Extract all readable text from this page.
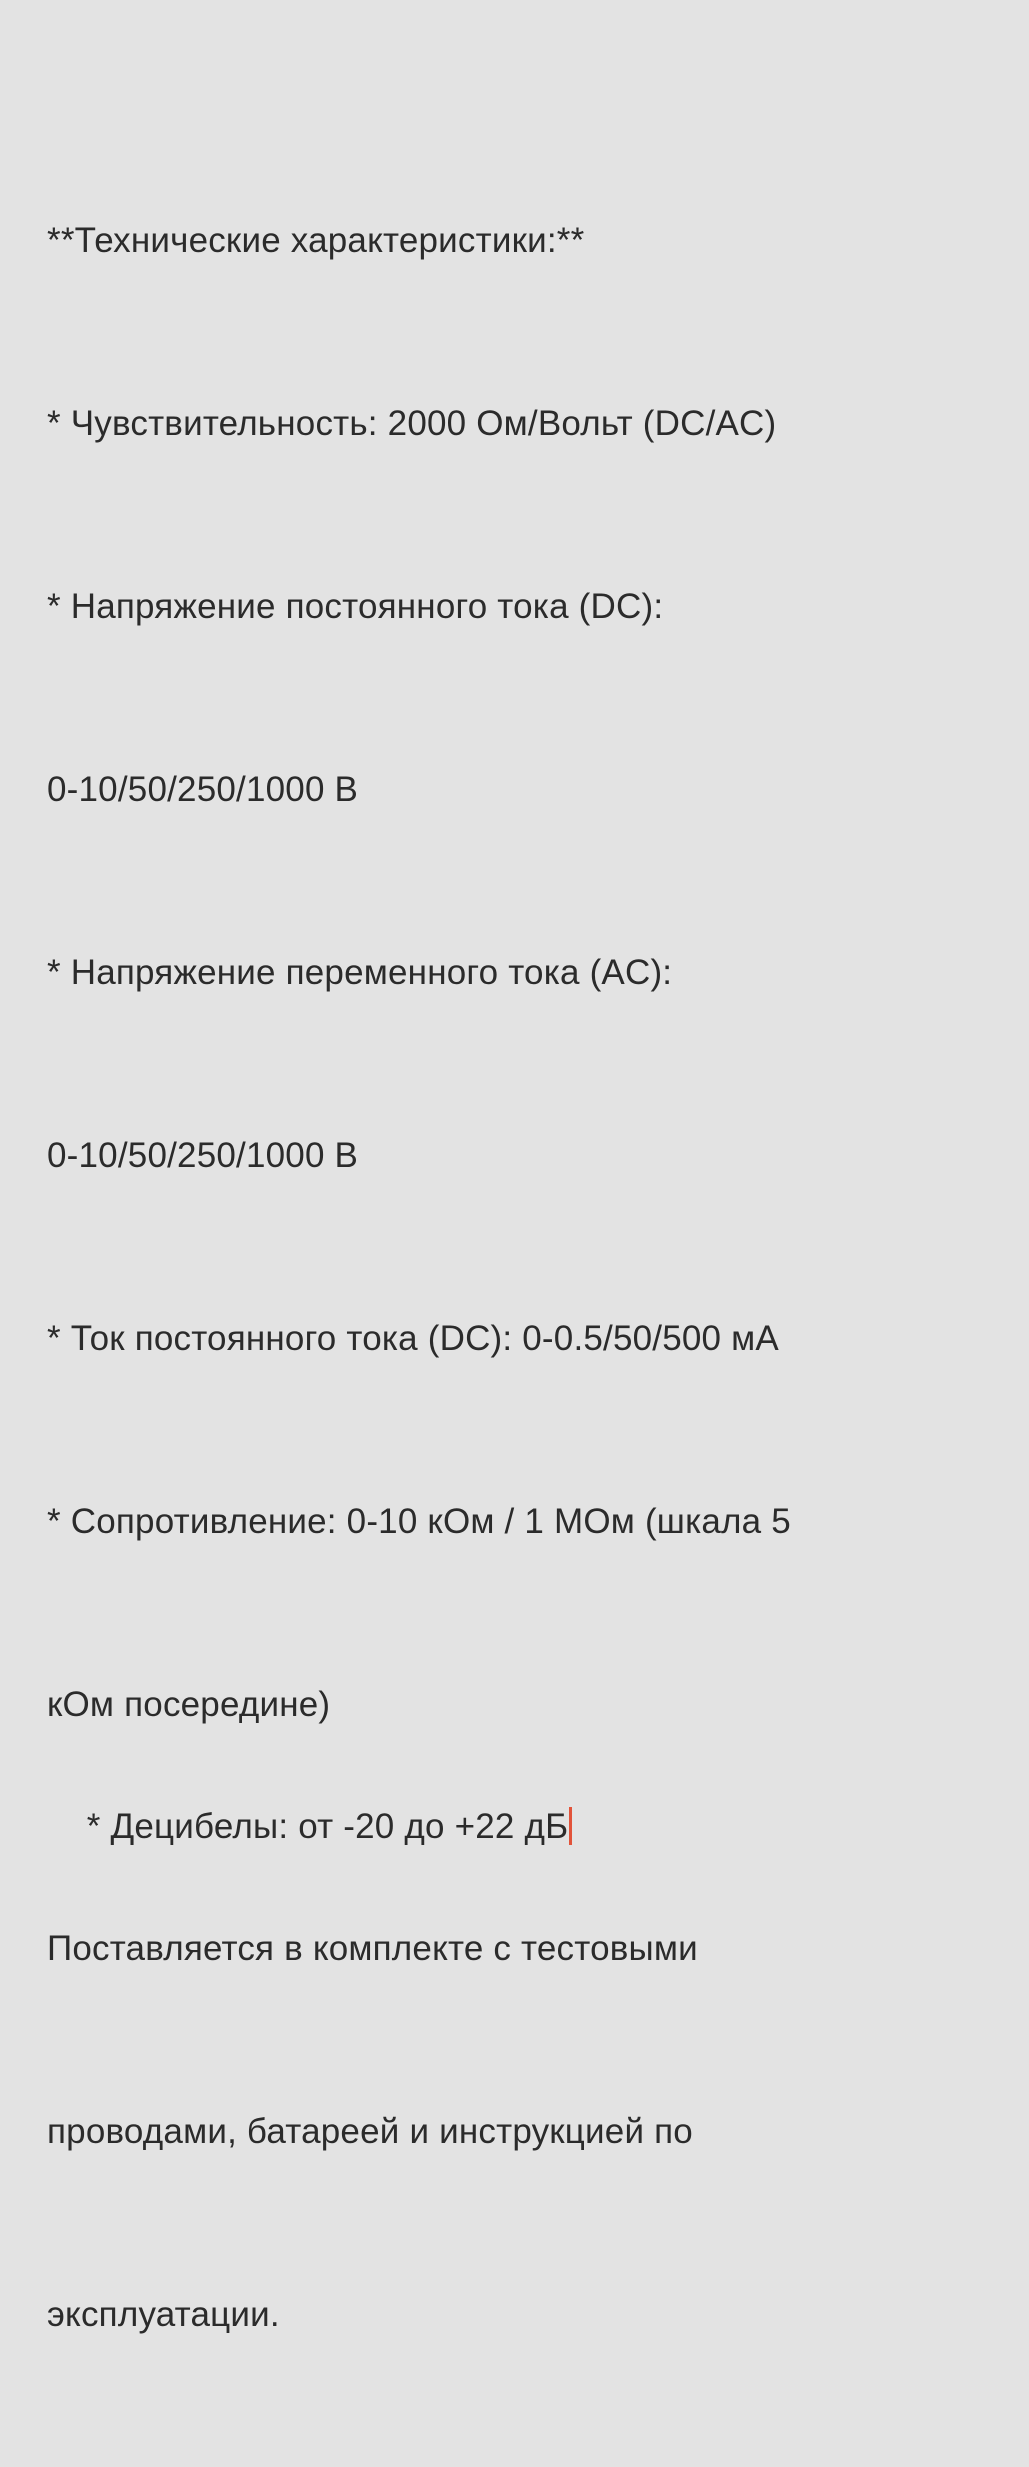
**Технические характеристики:**

* Чувствительность: 2000 Ом/Вольт (DC/AC)

* Напряжение постоянного тока (DC):

0-10/50/250/1000 В

* Напряжение переменного тока (AC):

0-10/50/250/1000 В

* Ток постоянного тока (DC): 0-0.5/50/500 мА

* Сопротивление: 0-10 кОм / 1 МОм (шкала 5

кОм посередине)

* Децибелы: от -20 до +22 дБ

Поставляется в комплекте с тестовыми

проводами, батареей и инструкцией по

эксплуатации.
